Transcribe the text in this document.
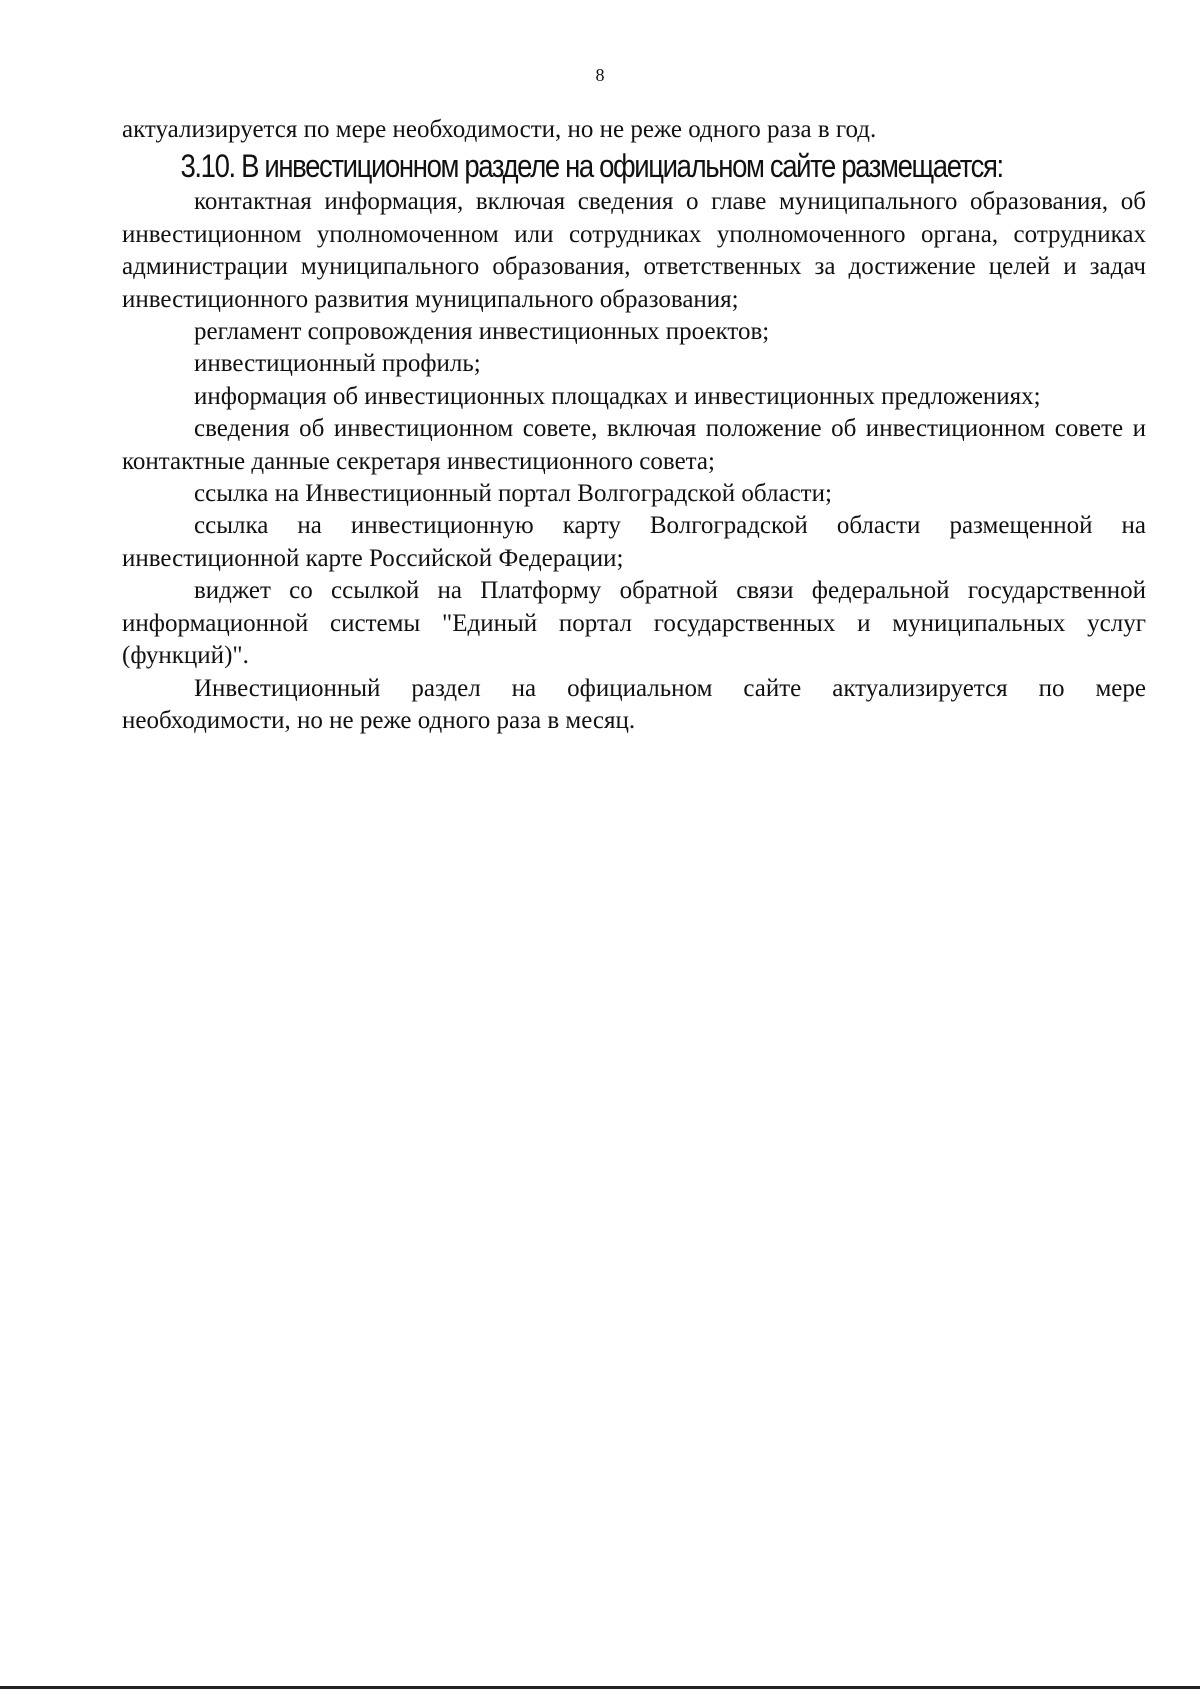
8

актуализируется по мере необходимости, но не реже одного раза в год.

3.10. В инвестиционном разделе на официальном сайте размещается:

контактная информация, включая сведения о главе муниципального образования, об инвестиционном уполномоченном или сотрудниках уполномоченного органа, сотрудниках администрации муниципального образования, ответственных за достижение целей и задач инвестиционного развития муниципального образования;

регламент сопровождения инвестиционных проектов;

инвестиционный профиль;

информация об инвестиционных площадках и инвестиционных предложениях;

сведения об инвестиционном совете, включая положение об инвестиционном совете и контактные данные секретаря инвестиционного совета;

ссылка на Инвестиционный портал Волгоградской области;

ссылка на инвестиционную карту Волгоградской области размещенной на инвестиционной карте Российской Федерации;

виджет со ссылкой на Платформу обратной связи федеральной государственной информационной системы "Единый портал государственных и муниципальных услуг (функций)".

Инвестиционный раздел на официальном сайте актуализируется по мере необходимости, но не реже одного раза в месяц.
